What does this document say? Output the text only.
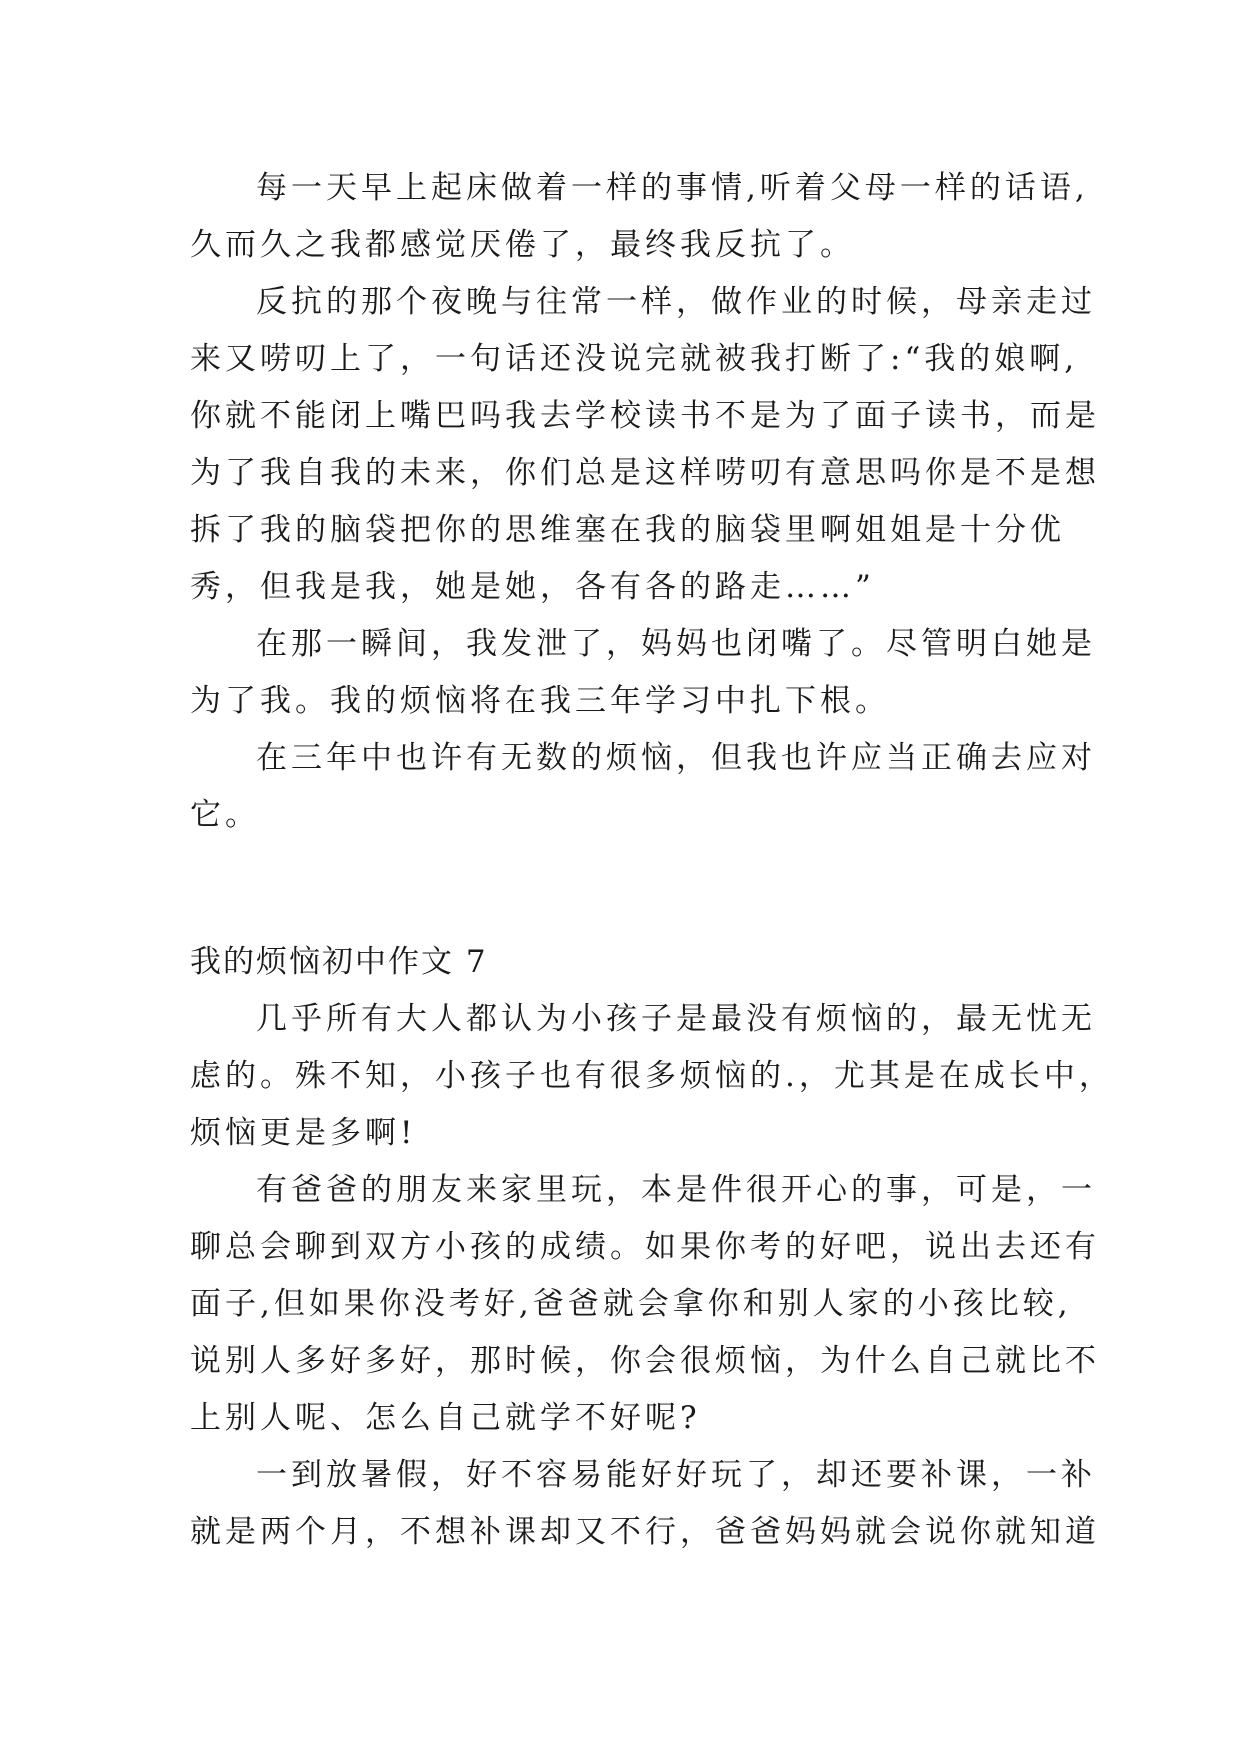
每一天早上起床做着一样的事情,听着父母一样的话语,
久而久之我都感觉厌倦了，最终我反抗了。
反抗的那个夜晚与往常一样，做作业的时候，母亲走过
来又唠叨上了，一句话还没说完就被我打断了:“我的娘啊,
你就不能闭上嘴巴吗我去学校读书不是为了面子读书，而是
为了我自我的未来，你们总是这样唠叨有意思吗你是不是想
拆了我的脑袋把你的思维塞在我的脑袋里啊姐姐是十分优
秀，但我是我，她是她，各有各的路走……”
在那一瞬间，我发泄了，妈妈也闭嘴了。尽管明白她是
为了我。我的烦恼将在我三年学习中扎下根。
在三年中也许有无数的烦恼，但我也许应当正确去应对
它。
我的烦恼初中作文 7
几乎所有大人都认为小孩子是最没有烦恼的，最无忧无
虑的。殊不知，小孩子也有很多烦恼的.，尤其是在成长中，
烦恼更是多啊!
有爸爸的朋友来家里玩，本是件很开心的事，可是，一
聊总会聊到双方小孩的成绩。如果你考的好吧，说出去还有
面子,但如果你没考好,爸爸就会拿你和别人家的小孩比较,
说别人多好多好，那时候，你会很烦恼，为什么自己就比不
上别人呢、怎么自己就学不好呢?
一到放暑假，好不容易能好好玩了，却还要补课，一补
就是两个月，不想补课却又不行，爸爸妈妈就会说你就知道
